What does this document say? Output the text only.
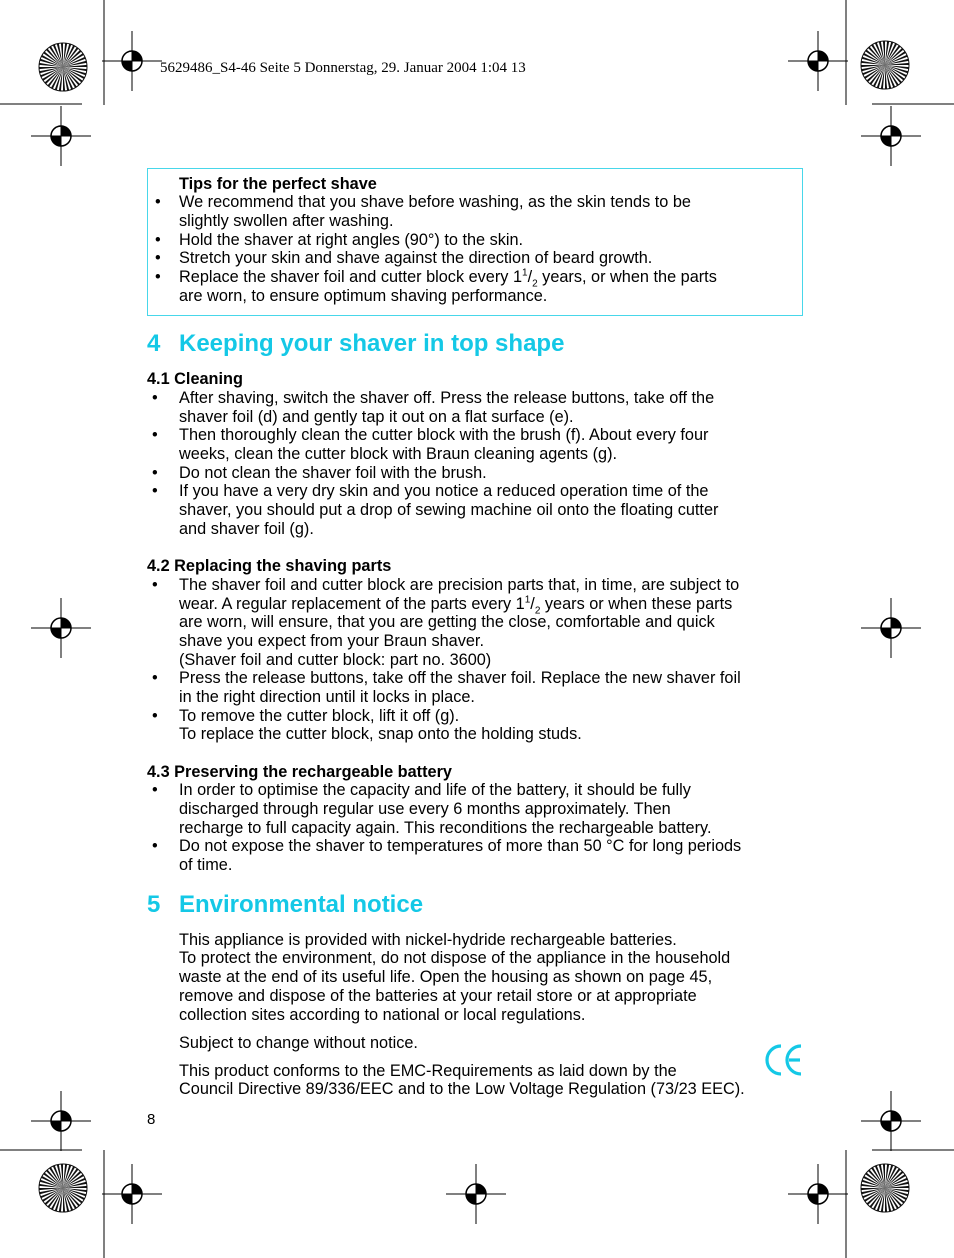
5629486_S4-46 Seite 5 Donnerstag, 29. Januar 2004 1:04 13
Tips for the perfect shave
• We recommend that you shave before washing, as the skin tends to be
slightly swollen after washing.
• Hold the shaver at right angles (90°) to the skin.
• Stretch your skin and shave against the direction of beard growth.
• Replace the shaver foil and cutter block every $1^1/_2$ years, or when the parts
are worn, to ensure optimum shaving performance.
4 Keeping your shaver in top shape
4.1 Cleaning
• After shaving, switch the shaver off. Press the release buttons, take off the
shaver foil (d) and gently tap it out on a flat surface (e).
• Then thoroughly clean the cutter block with the brush (f). About every four
weeks, clean the cutter block with Braun cleaning agents (g).
• Do not clean the shaver foil with the brush.
• If you have a very dry skin and you notice a reduced operation time of the
shaver, you should put a drop of sewing machine oil onto the floating cutter
and shaver foil (g).
4.2 Replacing the shaving parts
• The shaver foil and cutter block are precision parts that, in time, are subject to
wear. A regular replacement of the parts every $1^1/_2$ years or when these parts
are worn, will ensure, that you are getting the close, comfortable and quick
shave you expect from your Braun shaver.
(Shaver foil and cutter block: part no. 3600)
• Press the release buttons, take off the shaver foil. Replace the new shaver foil
in the right direction until it locks in place.
• To remove the cutter block, lift it off (g).
To replace the cutter block, snap onto the holding studs.
4.3 Preserving the rechargeable battery
• In order to optimise the capacity and life of the battery, it should be fully
discharged through regular use every 6 months approximately. Then
recharge to full capacity again. This reconditions the rechargeable battery.
• Do not expose the shaver to temperatures of more than 50 °C for long periods
of time.
5 Environmental notice
This appliance is provided with nickel-hydride rechargeable batteries.
To protect the environment, do not dispose of the appliance in the household
waste at the end of its useful life. Open the housing as shown on page 45,
remove and dispose of the batteries at your retail store or at appropriate
collection sites according to national or local regulations.
Subject to change without notice.
This product conforms to the EMC-Requirements as laid down by the
Council Directive 89/336/EEC and to the Low Voltage Regulation (73/23 EEC).
8
